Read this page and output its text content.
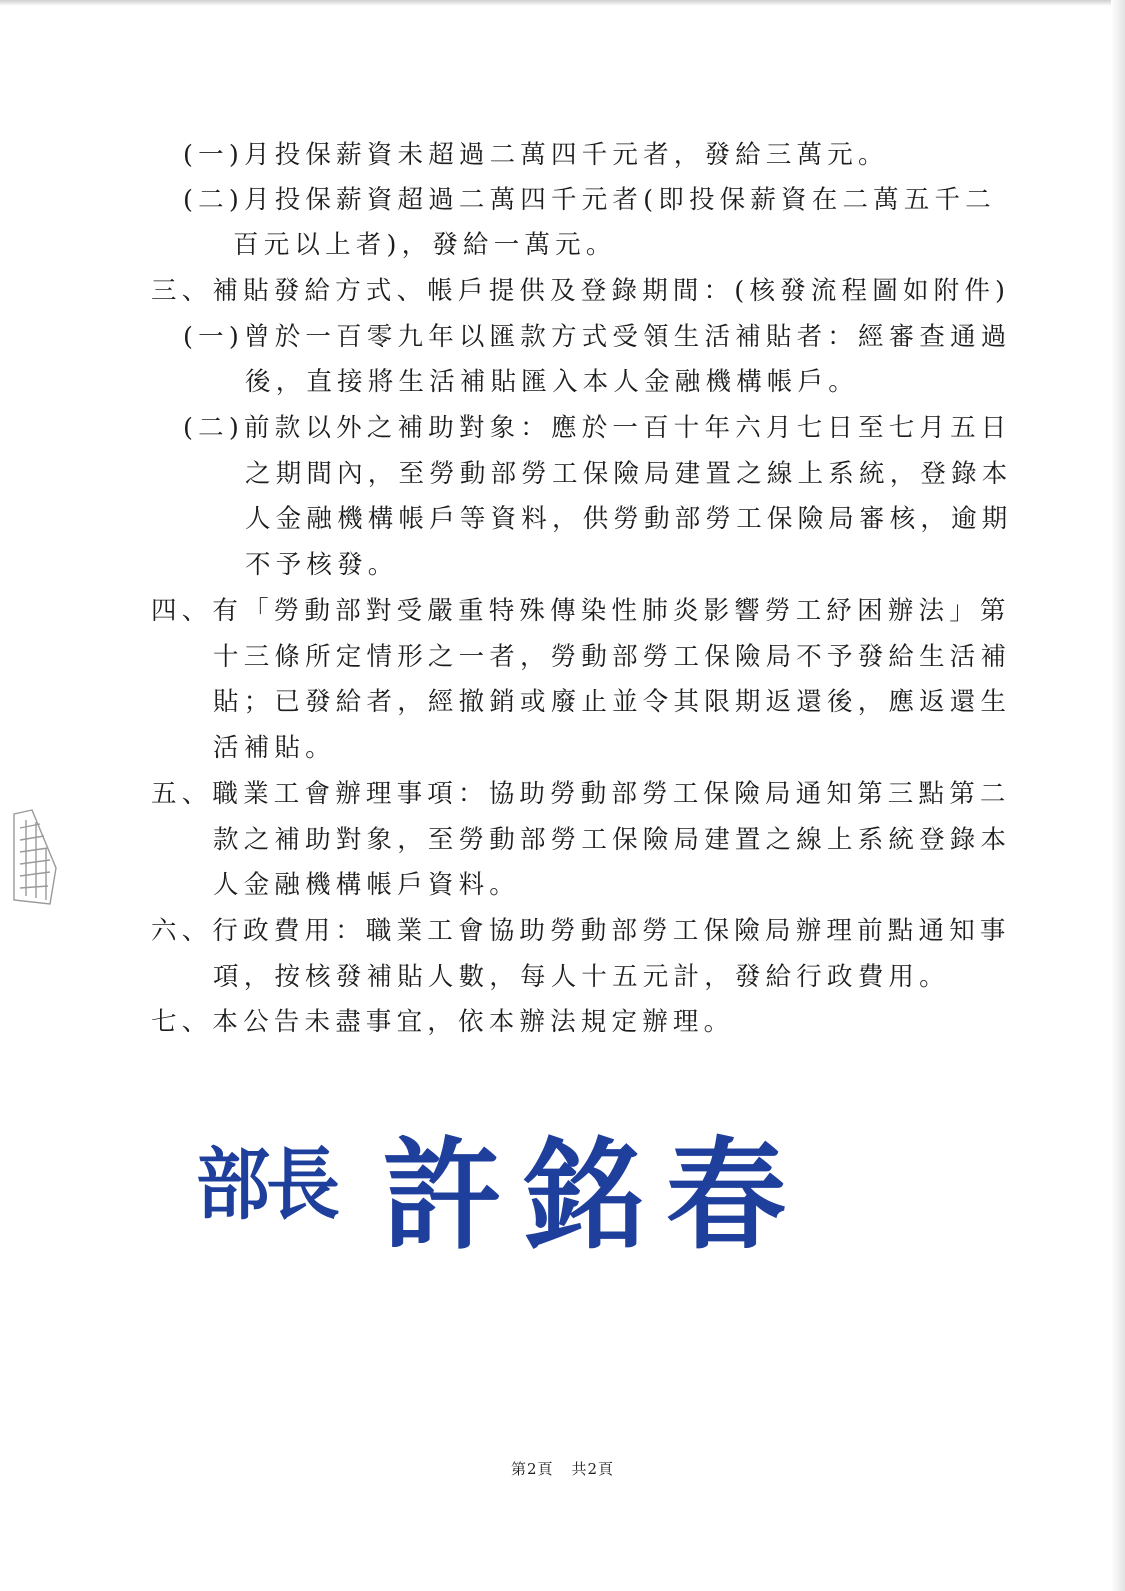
(一)月投保薪資未超過二萬四千元者，發給三萬元。
(二)月投保薪資超過二萬四千元者(即投保薪資在二萬五千二
百元以上者)，發給一萬元。
三、補貼發給方式、帳戶提供及登錄期間：(核發流程圖如附件)
(一)曾於一百零九年以匯款方式受領生活補貼者：經審查通過
後，直接將生活補貼匯入本人金融機構帳戶。
(二)前款以外之補助對象：應於一百十年六月七日至七月五日
之期間內，至勞動部勞工保險局建置之線上系統，登錄本
人金融機構帳戶等資料，供勞動部勞工保險局審核，逾期
不予核發。
四、有「勞動部對受嚴重特殊傳染性肺炎影響勞工紓困辦法」第
十三條所定情形之一者，勞動部勞工保險局不予發給生活補
貼；已發給者，經撤銷或廢止並令其限期返還後，應返還生
活補貼。
五、職業工會辦理事項：協助勞動部勞工保險局通知第三點第二
款之補助對象，至勞動部勞工保險局建置之線上系統登錄本
人金融機構帳戶資料。
六、行政費用：職業工會協助勞動部勞工保險局辦理前點通知事
項，按核發補貼人數，每人十五元計，發給行政費用。
七、本公告未盡事宜，依本辦法規定辦理。
部長 許銘春
第2頁 共2頁
